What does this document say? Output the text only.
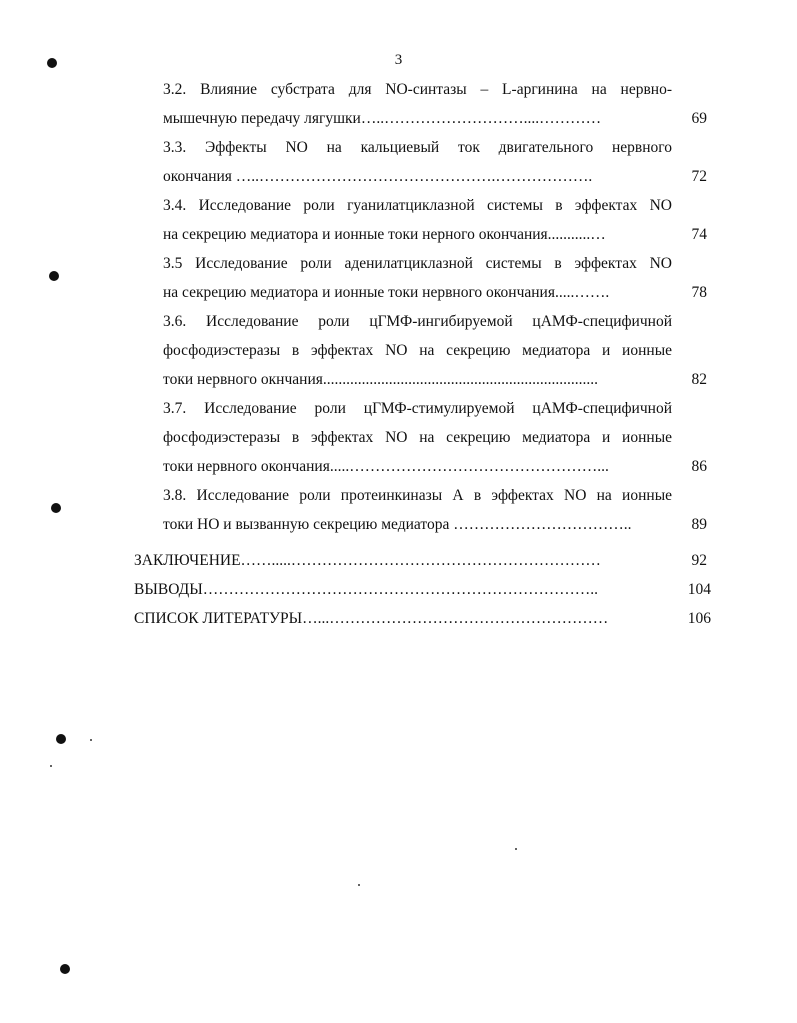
3
3.2. Влияние субстрата для NO-синтазы – L-аргинина на нервно-
мышечную передачу лягушки…..………………………....…………	69
3.3. Эффекты NO на кальциевый ток двигательного нервного
окончания …..……………………………………….……………….	72
3.4. Исследование роли гуанилатциклазной системы в эффектах NO
на секрецию медиатора и ионные токи нерного окончания...........…	74
3.5 Исследование роли аденилатциклазной системы в эффектах NO
на секрецию медиатора и ионные токи нервного окончания.....…….	78
3.6. Исследование роли цГМФ-ингибируемой цАМФ-специфичной
фосфодиэстеразы в эффектах NO на секрецию медиатора и ионные
токи нервного окнчания.......................................................................	82
3.7. Исследование роли цГМФ-стимулируемой цАМФ-специфичной
фосфодиэстеразы в эффектах NO на секрецию медиатора и ионные
токи нервного окончания.....…………………………………………...	86
3.8. Исследование роли протеинкиназы А в эффектах NO на ионные
токи НО и вызванную секрецию медиатора ……………………………..	89
ЗАКЛЮЧЕНИЕ…….....……………………………………………………	92
ВЫВОДЫ…………………………………………………………………..	104
СПИСОК ЛИТЕРАТУРЫ…...………………………………………………	106
